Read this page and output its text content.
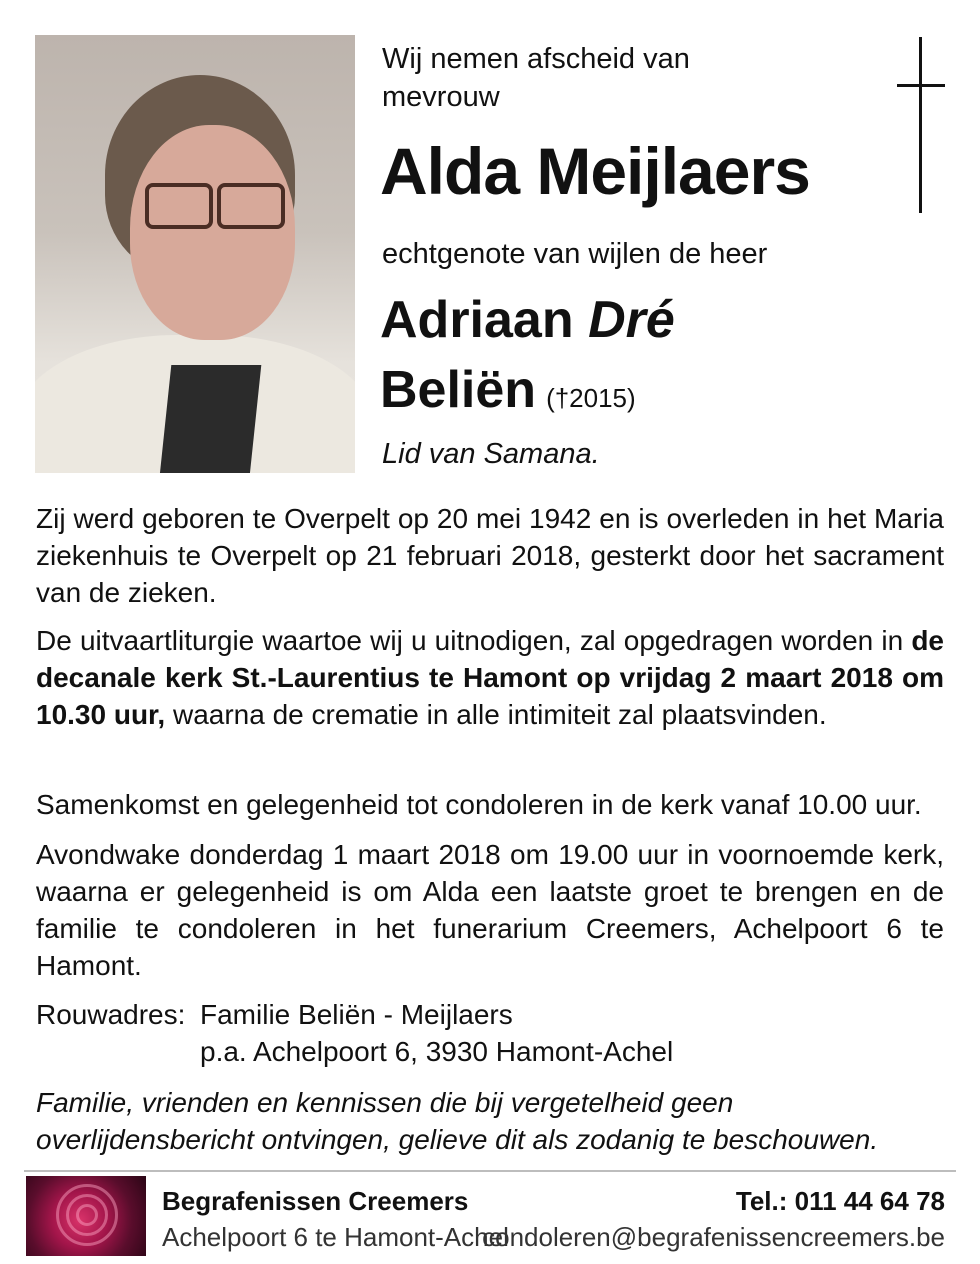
Wij nemen afscheid van
mevrouw
Alda Meijlaers
echtgenote van wijlen de heer
Adriaan Dré
Beliën (†2015)
Lid van Samana.
Zij werd geboren te Overpelt op 20 mei 1942 en is overleden in het Maria ziekenhuis te Overpelt op 21 februari 2018, gesterkt door het sacrament van de zieken.
De uitvaartliturgie waartoe wij u uitnodigen, zal opgedragen worden in de decanale kerk St.-Laurentius te Hamont op vrijdag 2 maart 2018 om 10.30 uur, waarna de crematie in alle intimiteit zal plaatsvinden.
Samenkomst en gelegenheid tot condoleren in de kerk vanaf 10.00 uur.
Avondwake donderdag 1 maart 2018 om 19.00 uur in voornoemde kerk, waarna er gelegenheid is om Alda een laatste groet te brengen en de familie te condoleren in het funerarium Creemers, Achelpoort 6 te Hamont.
Rouwadres: Familie Beliën - Meijlaers
p.a. Achelpoort 6, 3930 Hamont-Achel
Familie, vrienden en kennissen die bij vergetelheid geen overlijdensbericht ontvingen, gelieve dit als zodanig te beschouwen.
Begrafenissen Creemers
Achelpoort 6 te Hamont-Achel
Tel.: 011 44 64 78
condoleren@begrafenissencreemers.be
